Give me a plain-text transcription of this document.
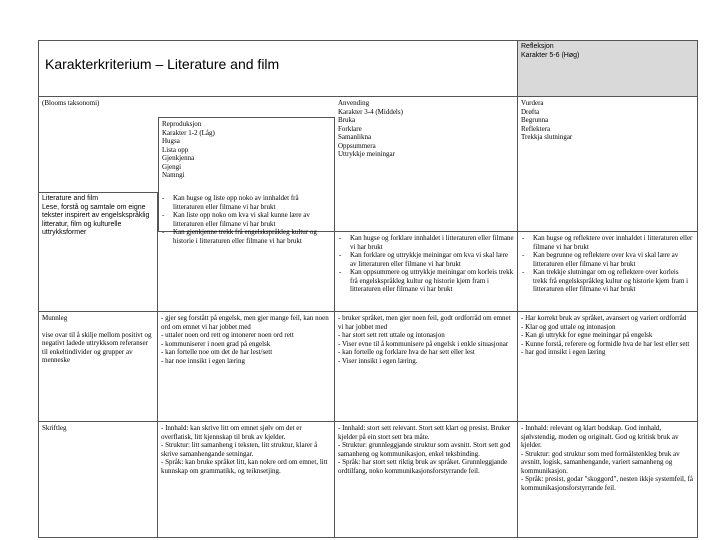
Karakterkriterium – Literature and film
Refleksjon
Karakter 5-6 (Høg)
(Blooms taksonomi)
Reproduksjon
Karakter 1-2 (Låg)
Hugsa
Lista opp
Gjenkjenna
Gjengi
Namngi
Anvending
Karakter 3-4 (Middels)
Bruka
Forklare
Samanlikna
Oppsummera
Uttrykkje meiningar
Vurdera
Drøfta
Begrunna
Reflektera
Trekkja slutningar
Literature and film
Lese, forstå og samtale om eigne tekster inspirert av engelskspråklig litteratur, film og kulturelle uttrykksformer
- Kan hugse og liste opp noko av innhaldet frå litteraturen eller filmane vi har brukt
- Kan liste opp noko om kva vi skal kunne lære av litteraturen eller filmane vi har brukt
- Kan gjenkjenne trekk frå engelskspråkleg kultur og historie i litteraturen eller filmane vi har brukt
-	Kan hugse og forklare innhaldet i litteraturen eller filmane vi har brukt
- Kan forklare og uttrykkje meiningar om kva vi skal lære av litteraturen eller filmane vi har brukt
- Kan oppsummere og uttrykkje meiningar om korleis trekk frå engelskspråkleg kultur og historie kjem fram i litteraturen eller filmane vi har brukt
- Kan hugse og reflektere over innhaldet i litteraturen eller filmane vi har brukt
- Kan begrunne og reflektere over kva vi skal lære av litteraturen eller filmane vi har brukt
- Kan trekkje slutningar om og reflektere over korleis trekk frå engelskspråkleg kultur og historie kjem fram i litteraturen eller filmane vi har brukt
Munnleg
vise ovar til å skilje mellom positivt og negativt ladede uttrykksom referanser til enkeltindivider og grupper av menneske
- gjer seg forstått på engelsk, men gjer mange feil, kan noen ord om emnet vi har jobbet med
- uttaler noen ord rett og intonerer noen ord rett
- kommuniserer i noen grad på engelsk
- kan fortelle noe om det de har lest/sett
- har noe innsikt i egen læring
- bruker språket, men gjer noen feil, godt ordforråd om emnet vi har jobbet med
- har stort sett rett uttale og intonasjon
- Viser evne til å kommunisere på engelsk i enkle situasjonar
- kan fortelle og forklare hva de har sett eller lest
- Viser innsikt i egen læring.
- Har korrekt bruk av språket, avansert og variert ordforråd
- Klar og god uttale og intonasjon
- Kan gi uttrykk for egne meiningar på engelsk
- Kunne forstå, referere og formidle hva de har lest eller sett
- har god innsikt i egen læring
Skriftleg	- Innhald: kan skrive litt om emnet sjølv om det er overflatisk, litt kjennskap til bruk av kjelder.
- Struktur: litt samanheng i teksten, litt struktur, klarer å skrive samanhengande setningar.
- Språk: kan bruke språket litt, kan nokre ord om emnet, litt kunnskap om grammatikk, og teiknsetjing.
- Innhald: stort sett relevant. Stort sett klart og presist. Bruker kjelder på ein stort sett bra måte.
- Struktur: grunnleggjande struktur som avsnitt. Stort sett god samanheng og kommunikasjon, enkel teksbinding.
- Språk: har stort sett riktig bruk av språket. Grunnleggjande ordtilfang, noko kommunikasjonsforstyrrande feil.
- Innhald: relevant og klart bodskap. God innhald, sjølvstendig, moden og originalt. God og kritisk bruk av kjelder.
- Struktur: god struktur som med formålstenkleg bruk av avsnitt, logisk, samanhengande, variert samanheng og kommunikasjon.
- Språk: presist, godar "skoggord", nesten ikkje systemfeil, få kommunikasjonsforstyrrande feil.
